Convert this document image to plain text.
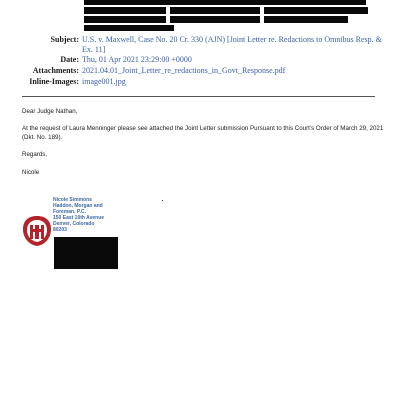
Subject: U.S. v. Maxwell, Case No. 20 Cr. 330 (AJN) [Joint Letter re. Redactions to Omnibus Resp. & Ex. 11]
Date: Thu, 01 Apr 2021 23:29:00 +0000
Attachments: 2021.04.01_Joint_Letter_re_redactions_in_Govt_Response.pdf
Inline-Images: image001.jpg
Dear Judge Nathan,
At the request of Laura Menninger please see attached the Joint Letter submission Pursuant to this Court's Order of March 29, 2021 (Dkt. No. 189).
Regards,
Nicole
Nicole Simmons
Haddon, Morgan and
Foreman, P.C.
150 East 10th Avenue
Denver, Colorado
80203
